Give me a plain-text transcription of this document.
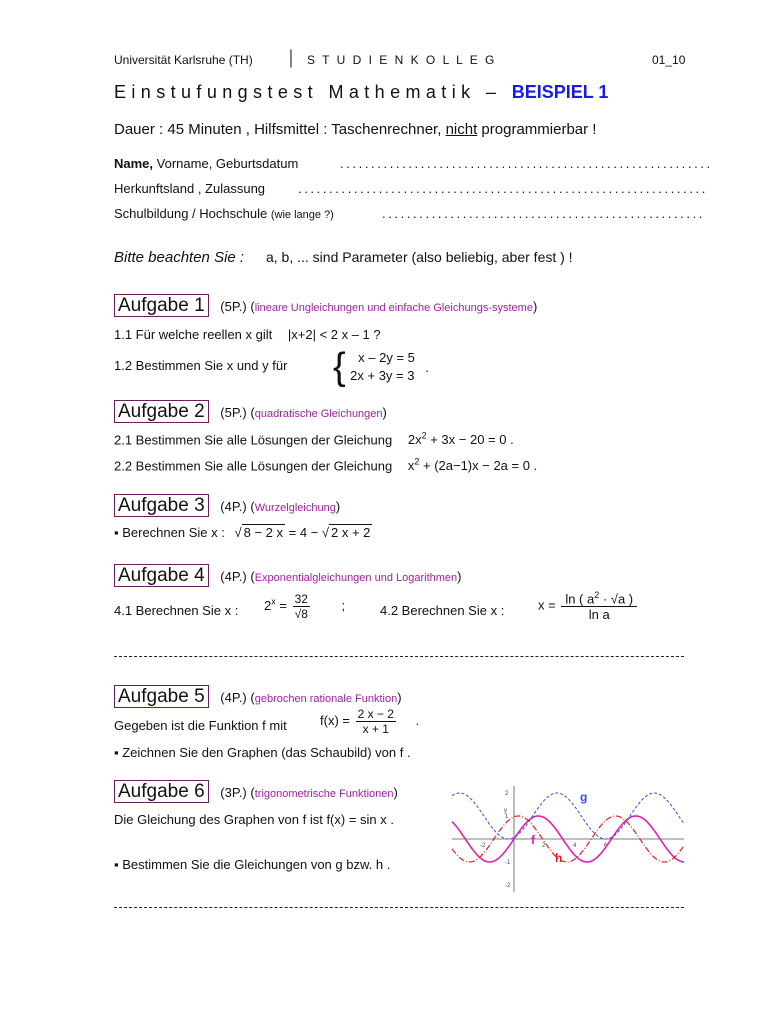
Universität Karlsruhe (TH) │ S T U D I E N K O L L E G	01_10
Einstufungstest Mathematik – BEISPIEL 1
Dauer : 45 Minuten , Hilfsmittel : Taschenrechner, nicht programmierbar !
Name, Vorname, Geburtsdatum	............................................................
Herkunftsland , Zulassung	..................................................................
Schulbildung / Hochschule (wie lange ?)	....................................................
Bitte beachten Sie : a, b, ... sind Parameter (also beliebig, aber fest ) !
Aufgabe 1 (5P.) (lineare Ungleichungen und einfache Gleichungs-systeme)
1.1 Für welche reellen x gilt |x+2| < 2 x – 1 ?
1.2 Bestimmen Sie x und y für { x – 2y = 5
2x + 3y = 3
.
Aufgabe 2 (5P.) (quadratische Gleichungen)
2.1 Bestimmen Sie alle Lösungen der Gleichung $2x^2 + 3x - 20 = 0$ .
2.2 Bestimmen Sie alle Lösungen der Gleichung $x^2 + (2a-1)x - 2a = 0$ .
Aufgabe 3 (4P.) (Wurzelgleichung)
▪ Berechnen Sie x : √ 8 − 2 x = 4 − √ 2 x + 2
Aufgabe 4 (4P.) (Exponentialgleichungen und Logarithmen)
4.1 Berechnen Sie x : $2^x = \frac{32}{√8}$ ;	4.2 Berechnen Sie x :	$x = \frac{\ln ( a^2 \cdot √a )}{\text{ln a}}$
Aufgabe 5 (4P.) (gebrochen rationale Funktion)
Gegeben ist die Funktion f mit	$f(x) = \frac{2 x - 2}{x + 1}$ .
▪ Zeichnen Sie den Graphen (das Schaubild) von f .
Aufgabe 6 (3P.) (trigonometrische Funktionen)
Die Gleichung des Graphen von f ist f(x) = sin x .
▪ Bestimmen Sie die Gleichungen von g bzw. h .
-2	2	4	6
2
1
-1
-2
y
g
f
h
